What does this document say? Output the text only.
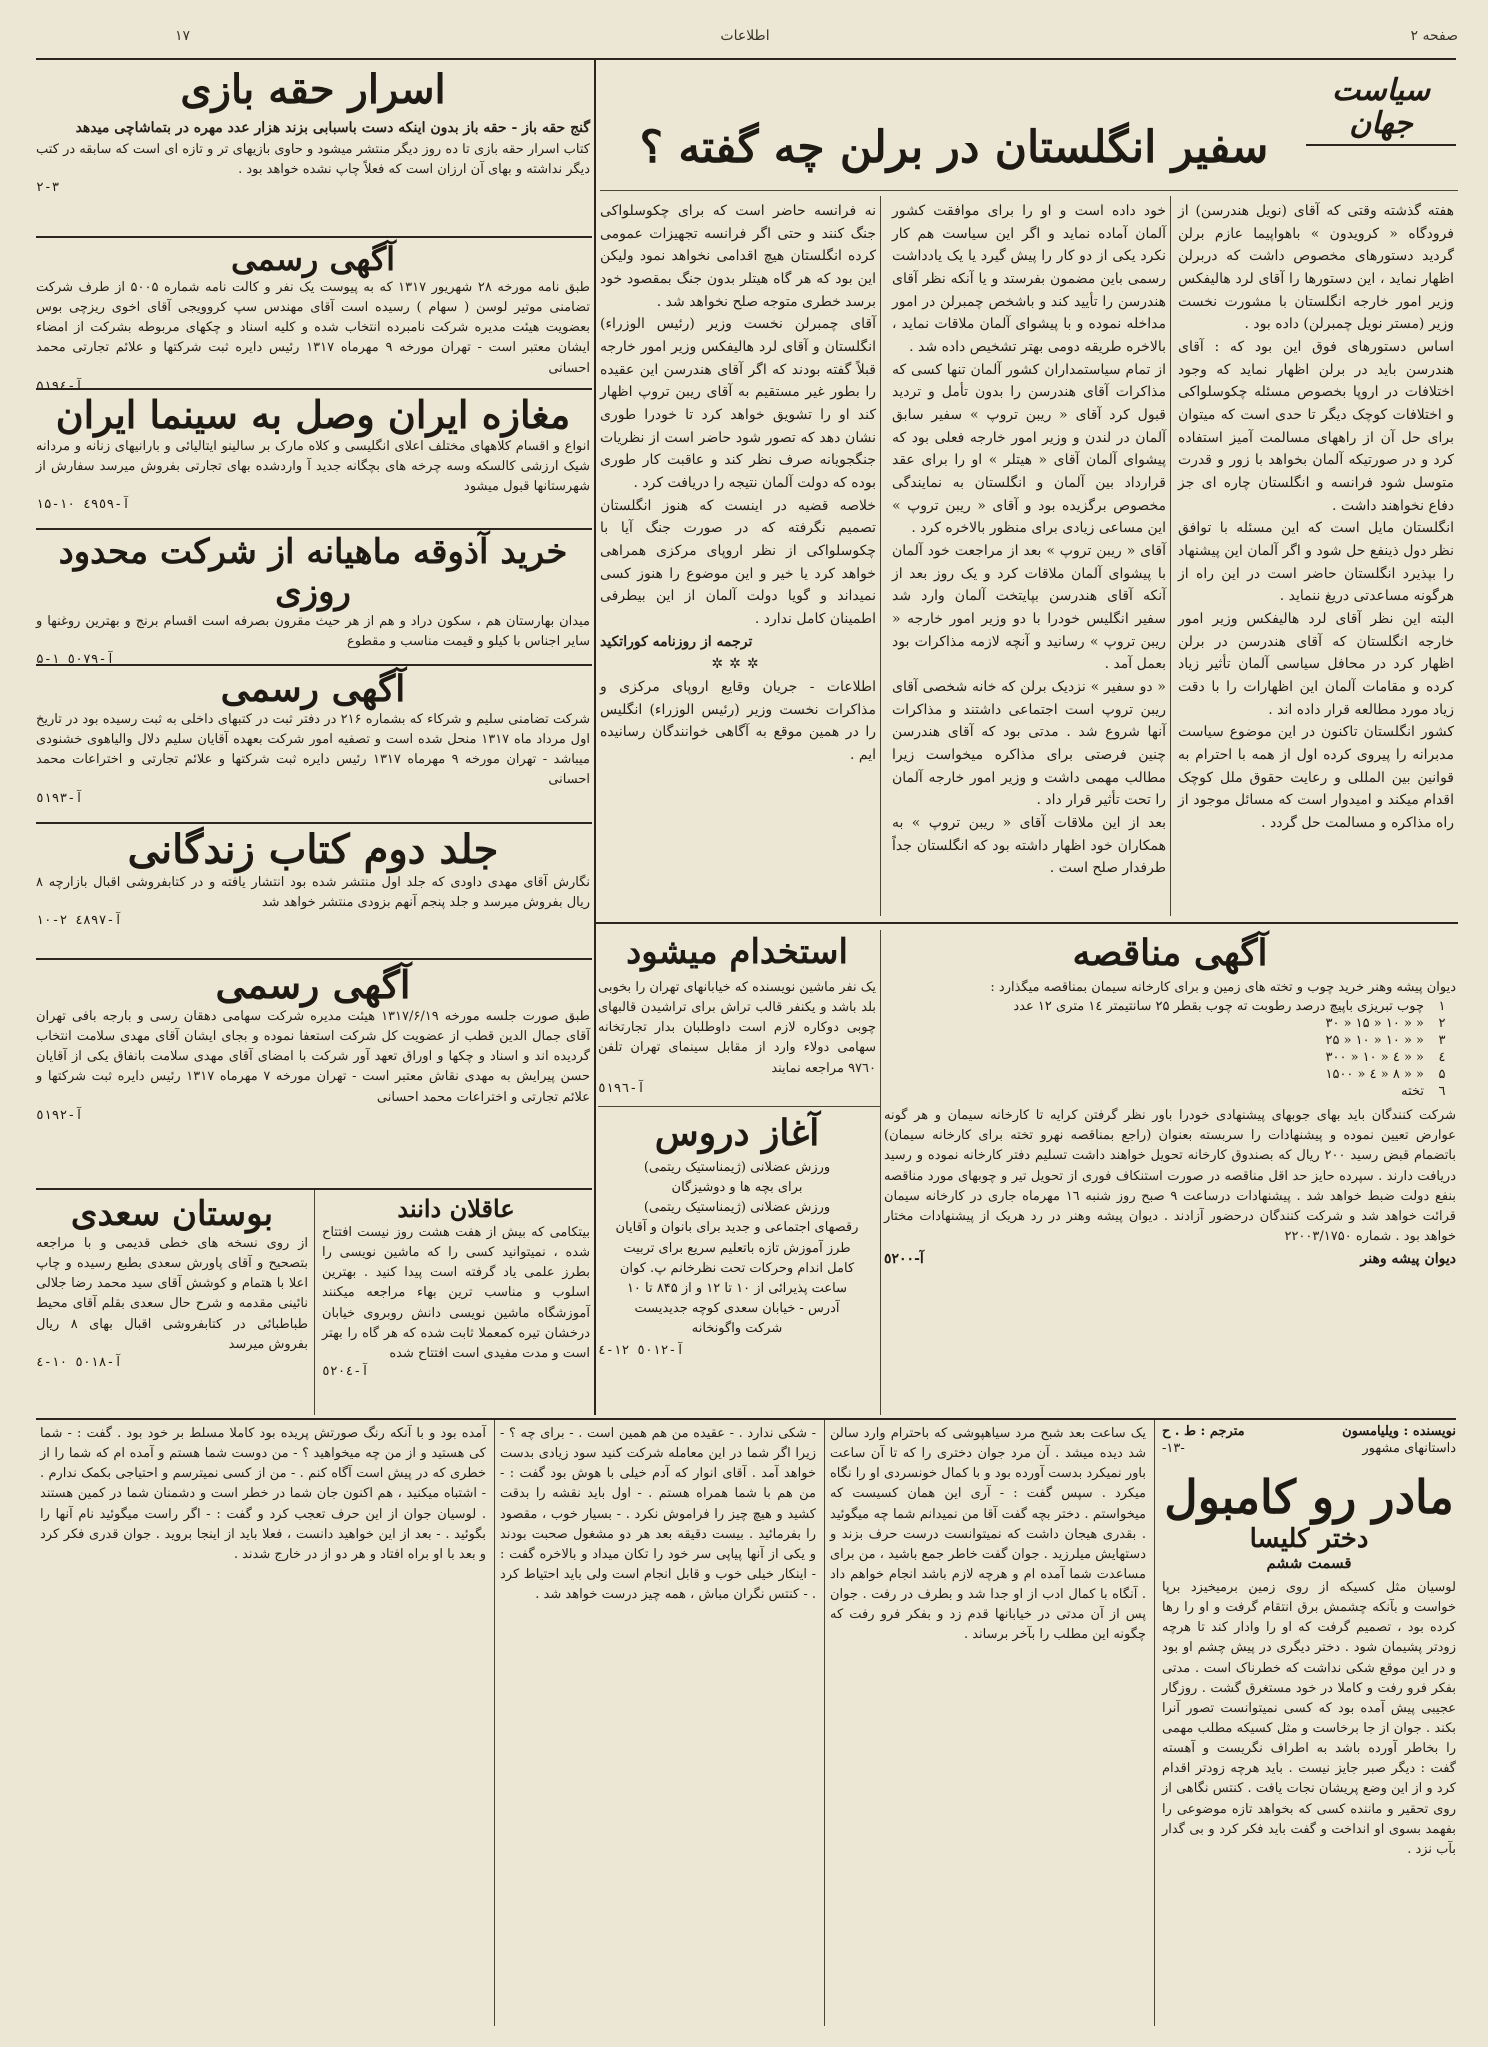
صفحه ۲
اطلاعات
۱۷
سیاست جهان
سفیر انگلستان در برلن چه گفته ؟

هفته گذشته وقتی که آقای (نویل هندرسن) از فرودگاه « کرویدون » باهواپیما عازم برلن گردید دستورهای مخصوص داشت که دربرلن اظهار نماید ، این دستورها را آقای لرد هالیفکس وزیر امور خارجه انگلستان با مشورت نخست وزیر (مستر نویل چمبرلن) داده بود .

اساس دستورهای فوق این بود که : آقای هندرسن باید در برلن اظهار نماید که وجود اختلافات در اروپا بخصوص مسئله چکوسلواکی و اختلافات کوچک دیگر تا حدی است که میتوان برای حل آن از راههای مسالمت آمیز استفاده کرد و در صورتیکه آلمان بخواهد با زور و قدرت متوسل شود فرانسه و انگلستان چاره ای جز دفاع نخواهند داشت .

انگلستان مایل است که این مسئله با توافق نظر دول ذینفع حل شود و اگر آلمان این پیشنهاد را بپذیرد انگلستان حاضر است در این راه از هرگونه مساعدتی دریغ ننماید .

البته این نظر آقای لرد هالیفکس وزیر امور خارجه انگلستان که آقای هندرسن در برلن اظهار کرد در محافل سیاسی آلمان تأثیر زیاد کرده و مقامات آلمان این اظهارات را با دقت زیاد مورد مطالعه قرار داده اند .

کشور انگلستان تاکنون در این موضوع سیاست مدبرانه را پیروی کرده اول از همه با احترام به قوانین بین المللی و رعایت حقوق ملل کوچک اقدام میکند و امیدوار است که مسائل موجود از راه مذاکره و مسالمت حل گردد .

خود داده است و او را برای موافقت کشور آلمان آماده نماید و اگر این سیاست هم کار نکرد یکی از دو کار را پیش گیرد یا یک یادداشت رسمی باین مضمون بفرستد و یا آنکه نظر آقای هندرسن را تأیید کند و باشخص چمبرلن در امور مداخله نموده و با پیشوای آلمان ملاقات نماید ، بالاخره طریقه دومی بهتر تشخیص داده شد .

از تمام سیاستمداران کشور آلمان تنها کسی که مذاکرات آقای هندرسن را بدون تأمل و تردید قبول کرد آقای « ریبن تروپ » سفیر سابق آلمان در لندن و وزیر امور خارجه فعلی بود که پیشوای آلمان آقای « هیتلر » او را برای عقد قرارداد بین آلمان و انگلستان به نمایندگی مخصوص برگزیده بود و آقای « ریبن تروپ » این مساعی زیادی برای منظور بالاخره کرد .

آقای « ریبن تروپ » بعد از مراجعت خود آلمان با پیشوای آلمان ملاقات کرد و یک روز بعد از آنکه آقای هندرسن بپایتخت آلمان وارد شد سفیر انگلیس خودرا با دو وزیر امور خارجه « ریبن تروپ » رسانید و آنچه لازمه مذاکرات بود بعمل آمد .

« دو سفیر » نزدیک برلن که خانه شخصی آقای ریبن تروپ است اجتماعی داشتند و مذاکرات آنها شروع شد . مدتی بود که آقای هندرسن چنین فرصتی برای مذاکره میخواست زیرا مطالب مهمی داشت و وزیر امور خارجه آلمان را تحت تأثیر قرار داد .

بعد از این ملاقات آقای « ریبن تروپ » به همکاران خود اظهار داشته بود که انگلستان جداً طرفدار صلح است .

نه فرانسه حاضر است که برای چکوسلواکی جنگ کنند و حتی اگر فرانسه تجهیزات عمومی کرده انگلستان هیچ اقدامی نخواهد نمود ولیکن این بود که هر گاه هیتلر بدون جنگ بمقصود خود برسد خطری متوجه صلح نخواهد شد .

آقای چمبرلن نخست وزیر (رئیس الوزراء) انگلستان و آقای لرد هالیفکس وزیر امور خارجه قبلاً گفته بودند که اگر آقای هندرسن این عقیده را بطور غیر مستقیم به آقای ریبن تروپ اظهار کند او را تشویق خواهد کرد تا خودرا طوری نشان دهد که تصور شود حاضر است از نظریات جنگجویانه صرف نظر کند و عاقبت کار طوری بوده که دولت آلمان نتیجه را دریافت کرد .

خلاصه قضیه در اینست که هنوز انگلستان تصمیم نگرفته که در صورت جنگ آیا با چکوسلواکی از نظر اروپای مرکزی همراهی خواهد کرد یا خیر و این موضوع را هنوز کسی نمیداند و گویا دولت آلمان از این بیطرفی اطمینان کامل ندارد .

ترجمه از روزنامه کوراتکید

✲✲✲

اطلاعات - جریان وقایع اروپای مرکزی و مذاکرات نخست وزیر (رئیس الوزراء) انگلیس را در همین موقع به آگاهی خوانندگان رسانیده ایم .

آگهی مناقصه
دیوان پیشه وهنر خرید چوب و تخته های زمین و برای کارخانه سیمان بمناقصه میگذارد :
۱	چوب تبریزی باپیچ درصد رطوبت ته چوب بقطر ۲۵ سانتیمتر ۱٤ متری ۱۲ عدد
۲	« « ۱۰ « ۱۵ « ۳۰
۳	« « ۱۰ « ۱۰ « ۲۵
٤	« « ٤ « ۱۰ « ۳۰۰
۵	« « ۸ « ٤ « ۱۵۰۰
٦	تخته
شرکت کنندگان باید بهای جوبهای پیشنهادی خودرا باور نظر گرفتن کرایه تا کارخانه سیمان و هر گونه عوارض تعیین نموده و پیشنهادات را سربسته بعنوان (راجع بمناقصه نهرو تخته برای کارخانه سیمان) باتضمام قبض رسید ۲۰۰ ریال که بصندوق کارخانه تحویل خواهند داشت تسلیم دفتر کارخانه نموده و رسید دریافت دارند . سپرده حایز حد اقل مناقصه در صورت استنکاف فوری از تحویل تیر و چوبهای مورد مناقصه بنفع دولت ضبط خواهد شد . پیشنهادات درساعت ۹ صبح روز شنبه ۱٦ مهرماه جاری در کارخانه سیمان قرائت خواهد شد و شرکت کنندگان درحضور آزادند . دیوان پیشه وهنر در رد هریک از پیشنهادات مختار خواهد بود . شماره ۲۲۰۰۳/۱۷۵۰
دیوان پیشه وهنر
آ-٥۲۰۰
استخدام میشود
یک نفر ماشین نویسنده که خیابانهای تهران را بخوبی بلد باشد و یکنفر قالب تراش برای تراشیدن قالبهای چوبی دوکاره لازم است داوطلبان بدار تجارتخانه سهامی دولاء وارد از مقابل سینمای تهران تلفن ۹۷٦۰ مراجعه نمایند
آ-٥۱۹٦
آغاز دروس
ورزش عضلانی (ژیمناستیک ریتمی)
برای بچه ها و دوشیزگان
ورزش عضلانی (ژیمناستیک ریتمی)
رقصهای اجتماعی و جدید برای بانوان و آقایان
طرز آموزش تازه باتعلیم سریع برای تربیت
کامل اندام وحرکات تحت نظرخانم پ. کوان
ساعت پذیرائی از ۱۰ تا ۱۲ و از ۸۴۵ تا ۱۰
آدرس - خیابان سعدی کوچه جدیدیست
شرکت واگونخانه
آ-٥۰۱۲ ۱۲-٤
اسرار حقه بازی
گنج حقه باز - حقه باز بدون اینکه دست باسبابی بزند هزار عدد مهره در بتماشاچی میدهد
کتاب اسرار حقه بازی تا ده روز دیگر منتشر میشود و حاوی بازیهای تر و تازه ای است که سابقه در کتب دیگر نداشته و بهای آن ارزان است که فعلاً چاپ نشده خواهد بود .
۲-۳
آگهی رسمی
طبق نامه مورخه ۲۸ شهریور ۱۳۱۷ که به پیوست یک نفر و کالت نامه شماره ۵۰۰۵ از طرف شرکت تضامنی موتیر لوسن ( سهام ) رسیده است آقای مهندس سپ کروویجی آقای اخوی ریزچی بوس بعضویت هیئت مدیره شرکت نامبرده انتخاب شده و کلیه اسناد و چکهای مربوطه بشرکت از امضاء ایشان معتبر است - تهران مورخه ۹ مهرماه ۱۳۱۷ رئیس دایره ثبت شرکتها و علائم تجارتی محمد احسانی
آ-۵۱۹٤
مغازه ایران وصل به سینما ایران
انواع و اقسام کلاههای مختلف اعلای انگلیسی و کلاه مارک بر سالینو ایتالیائی و بارانیهای زنانه و مردانه شیک ارزشی کالسکه وسه چرخه های بچگانه جدید آ واردشده بهای تجارتی بفروش میرسد سفارش از شهرستانها قبول میشود
آ-٤٩٥٩ ۱۰-۱۵
خرید آذوقه ماهیانه از شرکت محدود روزی
میدان بهارستان هم ، سکون دراد و هم از هر حیث مقرون بصرفه است اقسام برنج و بهترین روغنها و سایر اجناس با کیلو و قیمت مناسب و مقطوع
آ-٥۰۷۹ ۱-۵
آگهی رسمی
شرکت تضامنی سلیم و شرکاء که بشماره ۲۱۶ در دفتر ثبت در کتبهای داخلی به ثبت رسیده بود در تاریخ اول مرداد ماه ۱۳۱۷ منحل شده است و تصفیه امور شرکت بعهده آقایان سلیم دلال والیاهوی خشنودی میباشد - تهران مورخه ۹ مهرماه ۱۳۱۷ رئیس دایره ثبت شرکتها و علائم تجارتی و اختراعات محمد احسانی
آ-٥۱۹۳
جلد دوم کتاب زندگانی
نگارش آقای مهدی داودی که جلد اول منتشر شده بود انتشار یافته و در کتابفروشی اقبال بازارچه ۸ ریال بفروش میرسد و جلد پنجم آنهم بزودی منتشر خواهد شد
آ-٤۸۹۷ ۲-۱۰
آگهی رسمی
طبق صورت جلسه مورخه ۱۳۱۷/۶/۱۹ هیئت مدیره شرکت سهامی دهقان رسی و بارجه بافی تهران آقای جمال الدین قطب از عضویت کل شرکت استعفا نموده و بجای ایشان آقای مهدی سلامت انتخاب گردیده اند و اسناد و چکها و اوراق تعهد آور شرکت با امضای آقای مهدی سلامت بانفاق یکی از آقایان حسن پیرایش به مهدی نقاش معتبر است - تهران مورخه ۷ مهرماه ۱۳۱۷ رئیس دایره ثبت شرکتها و علائم تجارتی و اختراعات محمد احسانی
آ-٥۱۹۲
بوستان سعدی
از روی نسخه های خطی قدیمی و با مراجعه بتصحیح و آقای پاورش سعدی بطبع رسیده و چاپ اعلا با هتمام و کوشش آقای سید محمد رضا جلالی نائینی مقدمه و شرح حال سعدی بقلم آقای محیط طباطبائی در کتابفروشی اقبال بهای ۸ ریال بفروش میرسد
آ-٥۰۱۸ ۱۰-٤
عاقلان دانند
بیتکامی که بیش از هفت هشت روز نیست افتتاح شده ، نمیتوانید کسی را که ماشین نویسی را بطرز علمی یاد گرفته است پیدا کنید . بهترین اسلوب و مناسب ترین بهاء مراجعه میکنند آموزشگاه ماشین نویسی دانش روبروی خیابان درخشان تیره کمعملا ثابت شده که هر گاه را بهتر است و مدت مفیدی است افتتاح شده
آ-٥۲۰٤
نویسنده : ویلیامسون
مترجم : ط . ح
داستانهای مشهور
-۱۳-
مادر رو کامبول
دختر کلیسا
قسمت ششم
لوسیان مثل کسیکه از روی زمین برمیخیزد برپا خواست و بآنکه چشمش برق انتقام گرفت و او را رها کرده بود ، تصمیم گرفت که او را وادار کند تا هرچه زودتر پشیمان شود . دختر دیگری در پیش چشم او بود و در این موقع شکی نداشت که خطرناک است . مدتی بفکر فرو رفت و کاملا در خود مستغرق گشت . روزگار عجیبی پیش آمده بود که کسی نمیتوانست تصور آنرا بکند . جوان از جا برخاست و مثل کسیکه مطلب مهمی را بخاطر آورده باشد به اطراف نگریست و آهسته گفت : دیگر صبر جایز نیست . باید هرچه زودتر اقدام کرد و از این وضع پریشان نجات یافت . کنتس نگاهی از روی تحقیر و ماننده کسی که بخواهد تازه موضوعی را بفهمد بسوی او انداخت و گفت باید فکر کرد و بی گدار بآب نزد .
یک ساعت بعد شبح مرد سیاهپوشی که باحترام وارد سالن شد دیده میشد . آن مرد جوان دختری را که تا آن ساعت باور نمیکرد بدست آورده بود و با کمال خونسردی او را نگاه میکرد . سپس گفت : - آری این همان کسیست که میخواستم . دختر بچه گفت آقا من نمیدانم شما چه میگوئید . بقدری هیجان داشت که نمیتوانست درست حرف بزند و دستهایش میلرزید . جوان گفت خاطر جمع باشید ، من برای مساعدت شما آمده ام و هرچه لازم باشد انجام خواهم داد . آنگاه با کمال ادب از او جدا شد و بطرف در رفت . جوان پس از آن مدتی در خیابانها قدم زد و بفکر فرو رفت که چگونه این مطلب را بآخر برساند .
- شکی ندارد . - عقیده من هم همین است . - برای چه ؟ - زیرا اگر شما در این معامله شرکت کنید سود زیادی بدست خواهد آمد . آقای انوار که آدم خیلی با هوش بود گفت : - من هم با شما همراه هستم . - اول باید نقشه را بدقت کشید و هیچ چیز را فراموش نکرد . - بسیار خوب ، مقصود را بفرمائید . بیست دقیقه بعد هر دو مشغول صحبت بودند و یکی از آنها پیاپی سر خود را تکان میداد و بالاخره گفت : - اینکار خیلی خوب و قابل انجام است ولی باید احتیاط کرد . - کنتس نگران مباش ، همه چیز درست خواهد شد .
آمده بود و با آنکه رنگ صورتش پریده بود کاملا مسلط بر خود بود . گفت : - شما کی هستید و از من چه میخواهید ؟ - من دوست شما هستم و آمده ام که شما را از خطری که در پیش است آگاه کنم . - من از کسی نمیترسم و احتیاجی بکمک ندارم . - اشتباه میکنید ، هم اکنون جان شما در خطر است و دشمنان شما در کمین هستند . لوسیان جوان از این حرف تعجب کرد و گفت : - اگر راست میگوئید نام آنها را بگوئید . - بعد از این خواهید دانست ، فعلا باید از اینجا بروید . جوان قدری فکر کرد و بعد با او براه افتاد و هر دو از در خارج شدند .
